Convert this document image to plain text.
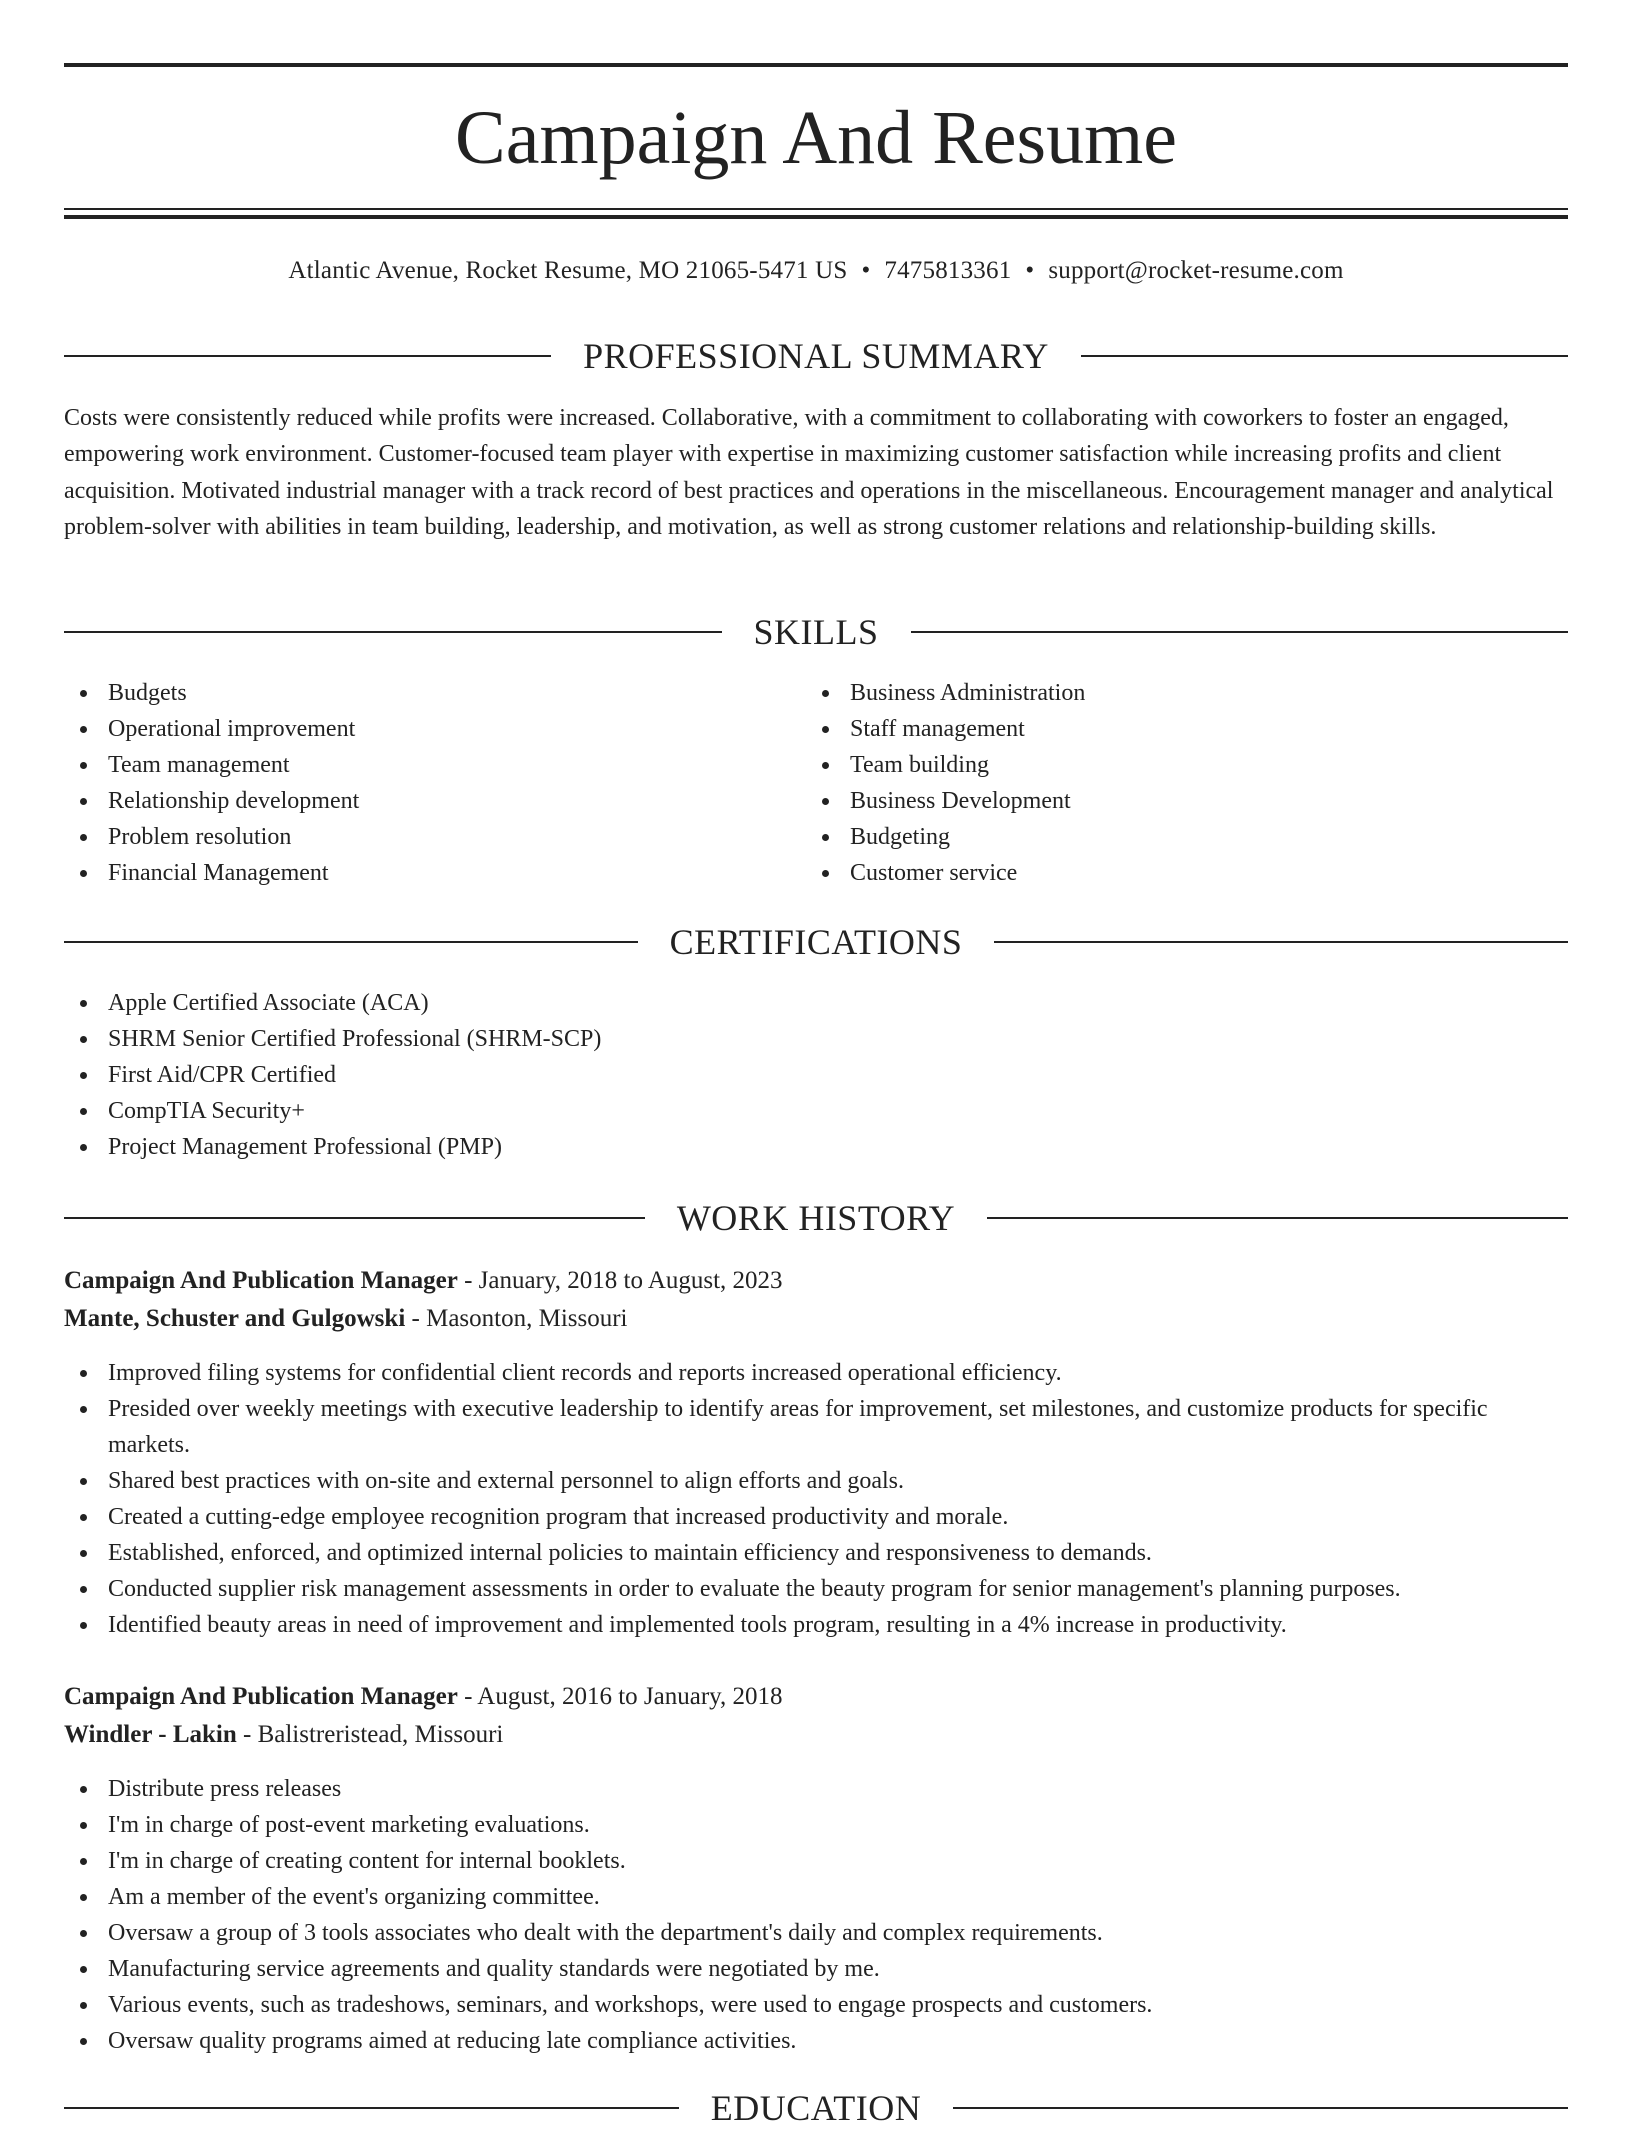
Campaign And Resume
Atlantic Avenue, Rocket Resume, MO 21065-5471 US • 7475813361 • support@rocket-resume.com
PROFESSIONAL SUMMARY

Costs were consistently reduced while profits were increased. Collaborative, with a commitment to collaborating with coworkers to foster an engaged, empowering work environment. Customer-focused team player with expertise in maximizing customer satisfaction while increasing profits and client acquisition. Motivated industrial manager with a track record of best practices and operations in the miscellaneous. Encouragement manager and analytical problem-solver with abilities in team building, leadership, and motivation, as well as strong customer relations and relationship-building skills.

SKILLS
Budgets
Operational improvement
Team management
Relationship development
Problem resolution
Financial Management
Business Administration
Staff management
Team building
Business Development
Budgeting
Customer service
CERTIFICATIONS
Apple Certified Associate (ACA)
SHRM Senior Certified Professional (SHRM-SCP)
First Aid/CPR Certified
CompTIA Security+
Project Management Professional (PMP)
WORK HISTORY
Campaign And Publication Manager - January, 2018 to August, 2023
Mante, Schuster and Gulgowski - Masonton, Missouri
Improved filing systems for confidential client records and reports increased operational efficiency.
Presided over weekly meetings with executive leadership to identify areas for improvement, set milestones, and customize products for specific markets.
Shared best practices with on-site and external personnel to align efforts and goals.
Created a cutting-edge employee recognition program that increased productivity and morale.
Established, enforced, and optimized internal policies to maintain efficiency and responsiveness to demands.
Conducted supplier risk management assessments in order to evaluate the beauty program for senior management's planning purposes.
Identified beauty areas in need of improvement and implemented tools program, resulting in a 4% increase in productivity.
Campaign And Publication Manager - August, 2016 to January, 2018
Windler - Lakin - Balistreristead, Missouri
Distribute press releases
I'm in charge of post-event marketing evaluations.
I'm in charge of creating content for internal booklets.
Am a member of the event's organizing committee.
Oversaw a group of 3 tools associates who dealt with the department's daily and complex requirements.
Manufacturing service agreements and quality standards were negotiated by me.
Various events, such as tradeshows, seminars, and workshops, were used to engage prospects and customers.
Oversaw quality programs aimed at reducing late compliance activities.
EDUCATION
